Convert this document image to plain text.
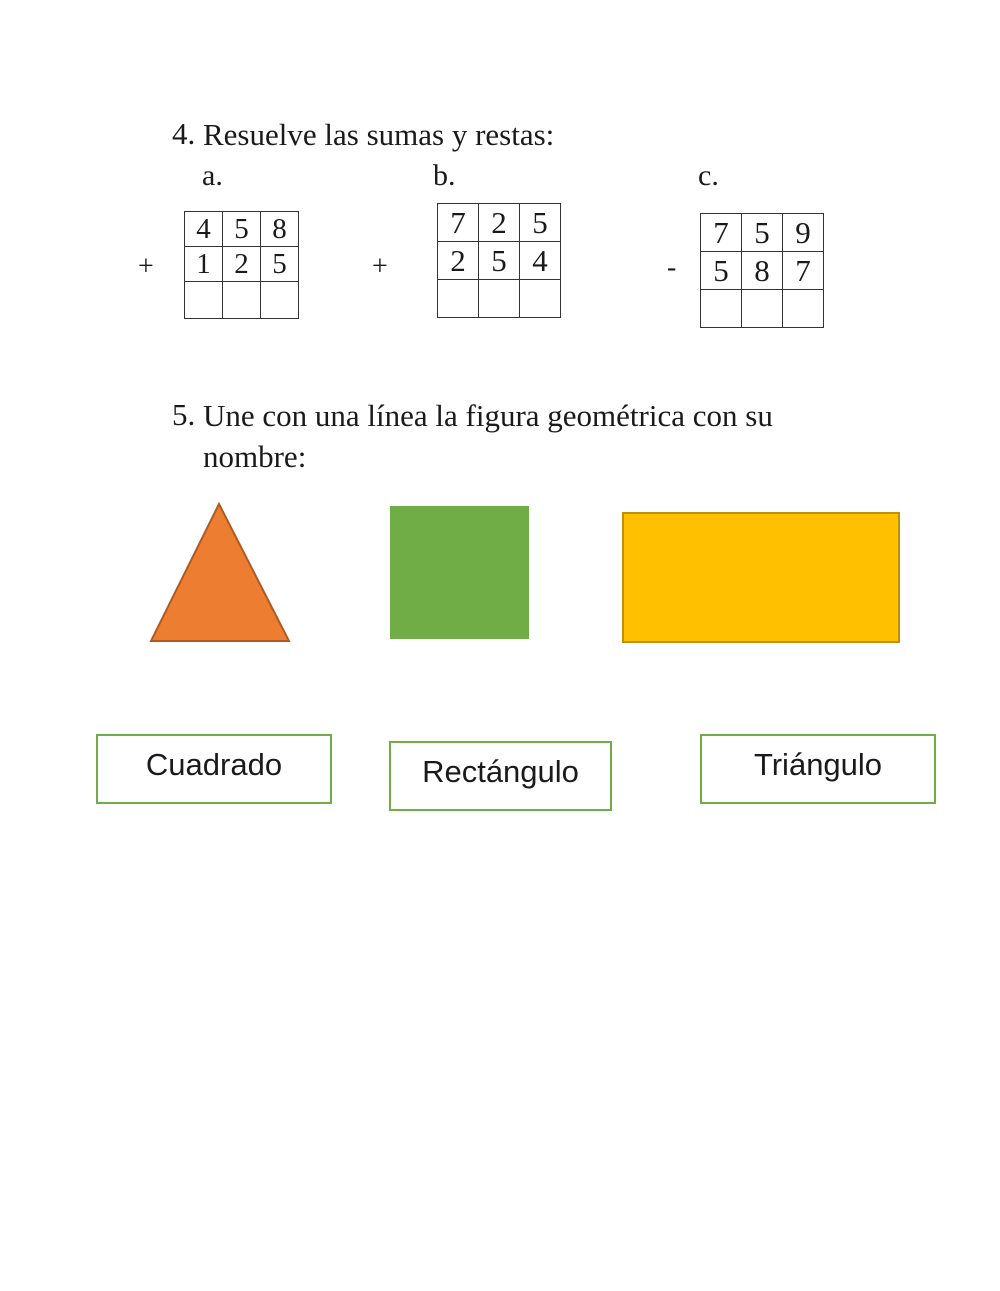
4. Resuelve las sumas y restas:
a.	b.	c.
+	+	-
4	5	8
1	2	5

7	2	5
2	5	4

7	5	9
5	8	7

5. Une con una línea la figura geométrica con su
nombre:
Cuadrado	Rectángulo	Triángulo
